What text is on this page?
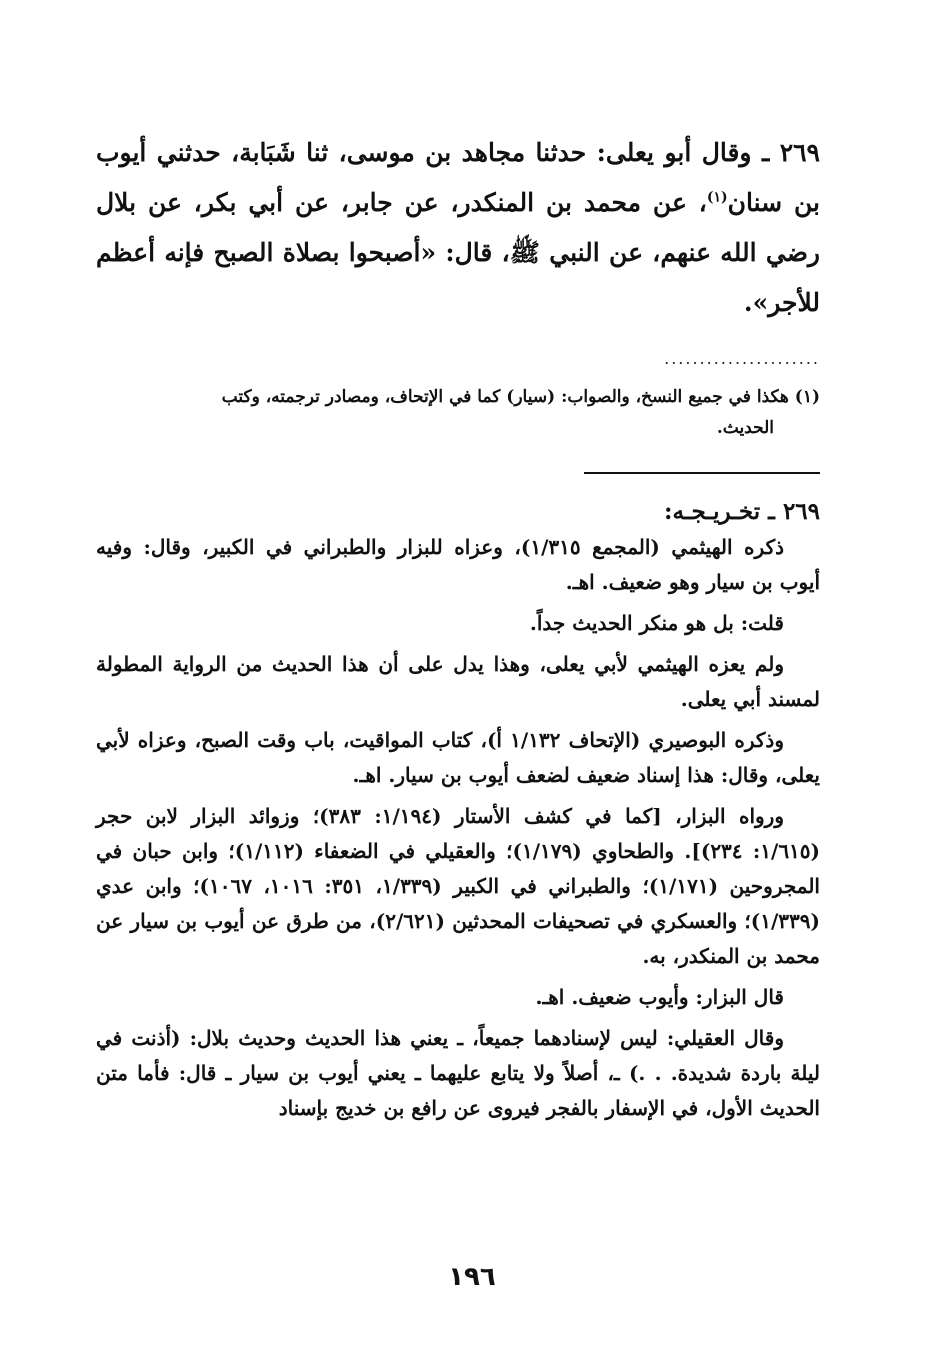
٢٦٩ ـ وقال أبو يعلى: حدثنا مجاهد بن موسى، ثنا شَبَابة، حدثني أيوب بن سنان$^{(١)}$، عن محمد بن المنكدر، عن جابر، عن أبي بكر، عن بلال رضي الله عنهم، عن النبي ﷺ، قال: «أصبحوا بصلاة الصبح فإنه أعظم للأجر».

......................
(١) هكذا في جميع النسخ، والصواب: (سيار) كما في الإتحاف، ومصادر ترجمته، وكتب
الحديث.
٢٦٩ ـ تخـريـجـه:

ذكره الهيثمي (المجمع ١/٣١٥)، وعزاه للبزار والطبراني في الكبير، وقال: وفيه أيوب بن سيار وهو ضعيف. اهـ.

قلت: بل هو منكر الحديث جداً.

ولم يعزه الهيثمي لأبي يعلى، وهذا يدل على أن هذا الحديث من الرواية المطولة لمسند أبي يعلى.

وذكره البوصيري (الإتحاف ١/١٣٢ أ)، كتاب المواقيت، باب وقت الصبح، وعزاه لأبي يعلى، وقال: هذا إسناد ضعيف لضعف أيوب بن سيار. اهـ.

ورواه البزار، [كما في كشف الأستار (١/١٩٤: ٣٨٣)؛ وزوائد البزار لابن حجر (١/٦١٥: ٢٣٤)]. والطحاوي (١/١٧٩)؛ والعقيلي في الضعفاء (١/١١٢)؛ وابن حبان في المجروحين (١/١٧١)؛ والطبراني في الكبير (١/٣٣٩، ٣٥١: ١٠١٦، ١٠٦٧)؛ وابن عدي (١/٣٣٩)؛ والعسكري في تصحيفات المحدثين (٢/٦٢١)، من طرق عن أيوب بن سيار عن محمد بن المنكدر، به.

قال البزار: وأيوب ضعيف. اهـ.

وقال العقيلي: ليس لإسنادهما جميعاً، ـ يعني هذا الحديث وحديث بلال: (أذنت في ليلة باردة شديدة. . .) ـ، أصلاً ولا يتابع عليهما ـ يعني أيوب بن سيار ـ قال: فأما متن الحديث الأول، في الإسفار بالفجر فيروى عن رافع بن خديج بإسناد

١٩٦
